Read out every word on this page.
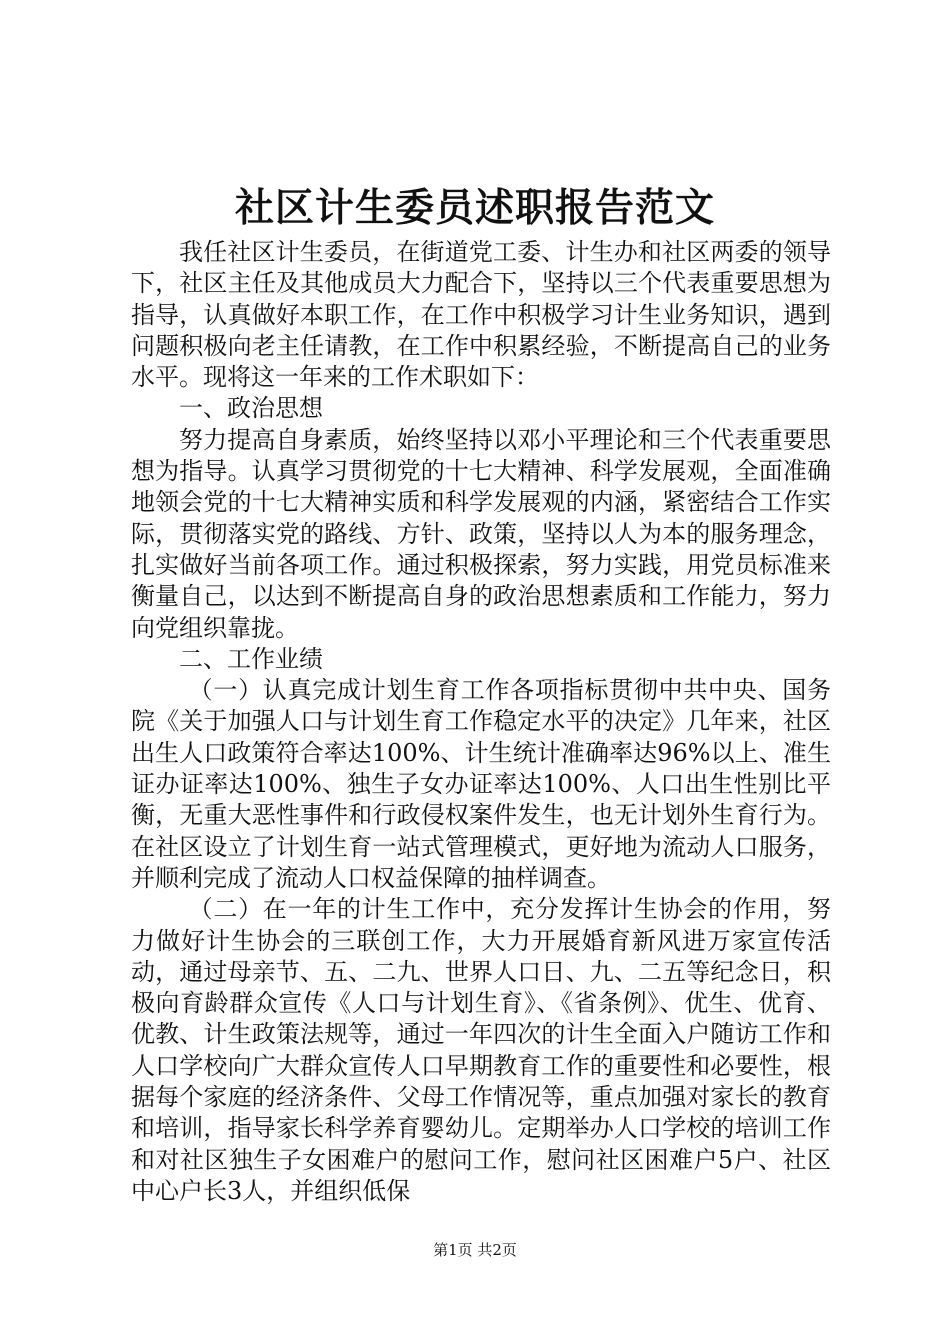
社区计生委员述职报告范文

我任社区计生委员，在街道党工委、计生办和社区两委的领导下，社区主任及其他成员大力配合下，坚持以三个代表重要思想为指导，认真做好本职工作，在工作中积极学习计生业务知识，遇到问题积极向老主任请教，在工作中积累经验，不断提高自己的业务水平。现将这一年来的工作术职如下：

一、政治思想

努力提高自身素质，始终坚持以邓小平理论和三个代表重要思想为指导。认真学习贯彻党的十七大精神、科学发展观，全面准确地领会党的十七大精神实质和科学发展观的内涵，紧密结合工作实际，贯彻落实党的路线、方针、政策，坚持以人为本的服务理念，扎实做好当前各项工作。通过积极探索，努力实践，用党员标准来衡量自己，以达到不断提高自身的政治思想素质和工作能力，努力向党组织靠拢。

二、工作业绩

（一）认真完成计划生育工作各项指标贯彻中共中央、国务院《关于加强人口与计划生育工作稳定水平的决定》几年来，社区出生人口政策符合率达100%、计生统计准确率达96%以上、准生证办证率达100%、独生子女办证率达100%、人口出生性别比平衡，无重大恶性事件和行政侵权案件发生，也无计划外生育行为。在社区设立了计划生育一站式管理模式，更好地为流动人口服务，并顺利完成了流动人口权益保障的抽样调查。

（二）在一年的计生工作中，充分发挥计生协会的作用，努力做好计生协会的三联创工作，大力开展婚育新风进万家宣传活动，通过母亲节、五、二九、世界人口日、九、二五等纪念日，积极向育龄群众宣传《人口与计划生育》、《省条例》、优生、优育、优教、计生政策法规等，通过一年四次的计生全面入户随访工作和人口学校向广大群众宣传人口早期教育工作的重要性和必要性，根据每个家庭的经济条件、父母工作情况等，重点加强对家长的教育和培训，指导家长科学养育婴幼儿。定期举办人口学校的培训工作和对社区独生子女困难户的慰问工作，慰问社区困难户5户、社区中心户长3人，并组织低保

第1页 共2页
